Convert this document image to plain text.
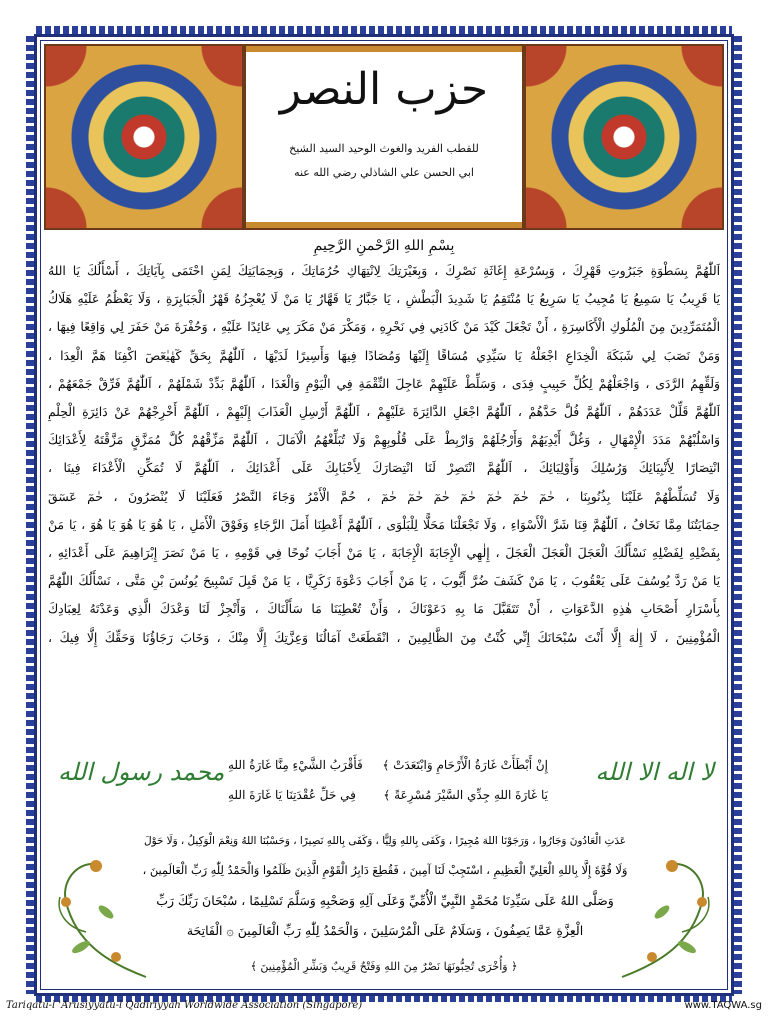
حزب النصر
للقطب الفريد والغوث الوحيد السيد الشيخ
ابي الحسن علي الشاذلي رضي الله عنه
بِسْمِ اللهِ الرَّحْمنِ الرَّحِيمِ

اَللّٰهُمَّ بِسَطْوَةِ جَبَرُوتِ قَهْرِكَ ، وَبِسُرْعَةِ إِغَاثَةِ نَصْرِكَ ، وَبِغَيْرَتِكَ لِانْتِهَاكِ حُرُمَاتِكَ ، وَبِحِمَايَتِكَ لِمَنِ احْتَمَى بِآيَاتِكَ ، أَسْأَلُكَ يَا اللهُ
يَا قَرِيبُ يَا سَمِيعُ يَا مُجِيبُ يَا سَرِيعُ يَا مُنْتَقِمُ يَا شَدِيدَ الْبَطْشِ ، يَا جَبَّارُ يَا قَهَّارُ يَا مَنْ لَا يُعْجِزُهُ قَهْرُ الْجَبَابِرَةِ ، وَلَا يَعْظُمُ عَلَيْهِ هَلَاكُ
الْمُتَمَرِّدِينَ مِنَ الْمُلُوكِ الْأَكَاسِرَةِ ، أَنْ تَجْعَلَ كَيْدَ مَنْ كَادَنِي فِي نَحْرِهِ ، وَمَكْرَ مَنْ مَكَرَ بِي عَائِدًا عَلَيْهِ ، وَحُفْرَةَ مَنْ حَفَرَ لِي وَاقِعًا فِيهَا ،
وَمَنْ نَصَبَ لِي شَبَكَةَ الْخِدَاعِ اجْعَلْهُ يَا سَيِّدِي مُسَاقًا إِلَيْهَا وَمُصَادًا فِيهَا وَأَسِيرًا لَدَيْهَا ، اَللّٰهُمَّ بِحَقِّ كٓهٰيٰعٓصٓ اكْفِنَا هَمَّ الْعِدَا ،
وَلَقِّهِمُ الرَّدَى ، وَاجْعَلْهُمْ لِكُلِّ حَبِيبٍ فِدَى ، وَسَلِّطْ عَلَيْهِمْ عَاجِلَ النِّقْمَةِ فِي الْيَوْمِ وَالْغَدَا ، اَللّٰهُمَّ بَدِّدْ شَمْلَهُمْ ، اَللّٰهُمَّ فَرِّقْ جَمْعَهُمْ ،
اَللّٰهُمَّ قَلِّلْ عَدَدَهُمْ ، اَللّٰهُمَّ فُلَّ حَدَّهُمْ ، اَللّٰهُمَّ اجْعَلِ الدَّائِرَةَ عَلَيْهِمْ ، اَللّٰهُمَّ أَرْسِلِ الْعَذَابَ إِلَيْهِمْ ، اَللّٰهُمَّ أَخْرِجْهُمْ عَنْ دَائِرَةِ الْحِلْمِ
وَاسْلُبْهُمْ مَدَدَ الْإِمْهَالِ ، وَغُلَّ أَيْدِيَهُمْ وَأَرْجُلَهُمْ وَارْبِطْ عَلَى قُلُوبِهِمْ وَلَا تُبَلِّغْهُمُ الْآمَالَ ، اَللّٰهُمَّ مَزِّقْهُمْ كُلَّ مُمَزَّقٍ مَزَّقْتَهُ لِأَعْدَائِكَ
انْتِصَارًا لِأَنْبِيَائِكَ وَرُسُلِكَ وَأَوْلِيَائِكَ ، اَللّٰهُمَّ انْتَصِرْ لَنَا انْتِصَارَكَ لِأَحْبَابِكَ عَلَى أَعْدَائِكَ ، اَللّٰهُمَّ لَا تُمَكِّنِ الْأَعْدَاءَ فِينَا ،
وَلَا تُسَلِّطْهُمْ عَلَيْنَا بِذُنُوبِنَا ، حٰمٓ حٰمٓ حٰمٓ حٰمٓ حٰمٓ حٰمٓ حٰمٓ ، حُمَّ الْأَمْرُ وَجَاءَ النَّصْرُ فَعَلَيْنَا لَا يُنْصَرُونَ ، حٰمٓ عٓسٓقٓ
حِمَايَتُنَا مِمَّا نَخَافُ ، اَللّٰهُمَّ قِنَا شَرَّ الْأَسْوَاءِ ، وَلَا تَجْعَلْنَا مَحَلًّا لِلْبَلْوَى ، اَللّٰهُمَّ أَعْطِنَا أَمَلَ الرَّجَاءِ وَفَوْقَ الْأَمَلِ ، يَا هُوَ يَا هُوَ يَا هُوَ ، يَا مَنْ
بِفَضْلِهِ لِفَضْلِهِ نَسْأَلُكَ الْعَجَلَ الْعَجَلَ الْعَجَلَ ، إِلٰهِي الْإِجَابَةَ الْإِجَابَةَ ، يَا مَنْ أَجَابَ نُوحًا فِي قَوْمِهِ ، يَا مَنْ نَصَرَ إِبْرَاهِيمَ عَلَى أَعْدَائِهِ ،
يَا مَنْ رَدَّ يُوسُفَ عَلَى يَعْقُوبَ ، يَا مَنْ كَشَفَ ضُرَّ أَيُّوبَ ، يَا مَنْ أَجَابَ دَعْوَةَ زَكَرِيَّا ، يَا مَنْ قَبِلَ تَسْبِيحَ يُونُسَ بْنِ مَتَّى ، نَسْأَلُكَ اللّٰهُمَّ
بِأَسْرَارِ أَصْحَابِ هٰذِهِ الدَّعَوَاتِ ، أَنْ تَتَقَبَّلَ مَا بِهِ دَعَوْنَاكَ ، وَأَنْ تُعْطِيَنَا مَا سَأَلْنَاكَ ، وَأَنْجِزْ لَنَا وَعْدَكَ الَّذِي وَعَدْتَهُ لِعِبَادِكَ
الْمُؤْمِنِينَ ، لَا إِلٰهَ إِلَّا أَنْتَ سُبْحَانَكَ إِنِّي كُنْتُ مِنَ الظَّالِمِينَ ، انْقَطَعَتْ آمَالُنَا وَعِزَّتِكَ إِلَّا مِنْكَ ، وَخَابَ رَجَاؤُنَا وَحَقِّكَ إِلَّا فِيكَ ،

لا اله الا الله
إِنْ أَبْطَأَتْ غَارَةُ الْأَرْحَامِ وَابْتَعَدَتْ ﴾
فَأَقْرَبُ الشَّيْءِ مِنَّا غَارَةُ اللهِ
يَا غَارَةَ اللهِ جِدِّي السَّيْرَ مُسْرِعَةً ﴾
فِي حَلِّ عُقْدَتِنَا يَا غَارَةَ اللهِ
محمد رسول الله
عَدَتِ الْعَادُونَ وَجَارُوا ، وَرَجَوْنَا اللهَ مُجِيرًا ، وَكَفَى بِاللهِ وَلِيًّا ، وَكَفَى بِاللهِ نَصِيرًا ، وَحَسْبُنَا اللهُ وَنِعْمَ الْوَكِيلُ ، وَلَا حَوْلَ
وَلَا قُوَّةَ إِلَّا بِاللهِ الْعَلِيِّ الْعَظِيمِ ، اسْتَجِبْ لَنَا آمِينَ ، فَقُطِعَ دَابِرُ الْقَوْمِ الَّذِينَ ظَلَمُوا وَالْحَمْدُ لِلّٰهِ رَبِّ الْعَالَمِينَ ،
وَصَلَّى اللهُ عَلَى سَيِّدِنَا مُحَمَّدٍ النَّبِيِّ الْأُمِّيِّ وَعَلَى آلِهِ وَصَحْبِهِ وَسَلَّمَ تَسْلِيمًا ، سُبْحَانَ رَبِّكَ رَبِّ
الْعِزَّةِ عَمَّا يَصِفُونَ ، وَسَلَامٌ عَلَى الْمُرْسَلِينَ ، وَالْحَمْدُ لِلّٰهِ رَبِّ الْعَالَمِينَ ۞ الْفَاتِحَة
﴿ وَأُخْرَى تُحِبُّونَهَا نَصْرٌ مِنَ اللهِ وَفَتْحٌ قَرِيبٌ وَبَشِّرِ الْمُؤْمِنِينَ ﴾
Tariqatu-l 'Arusiyyatu-l Qadiriyyah Worldwide Association (Singapore)	www.TAQWA.sg
